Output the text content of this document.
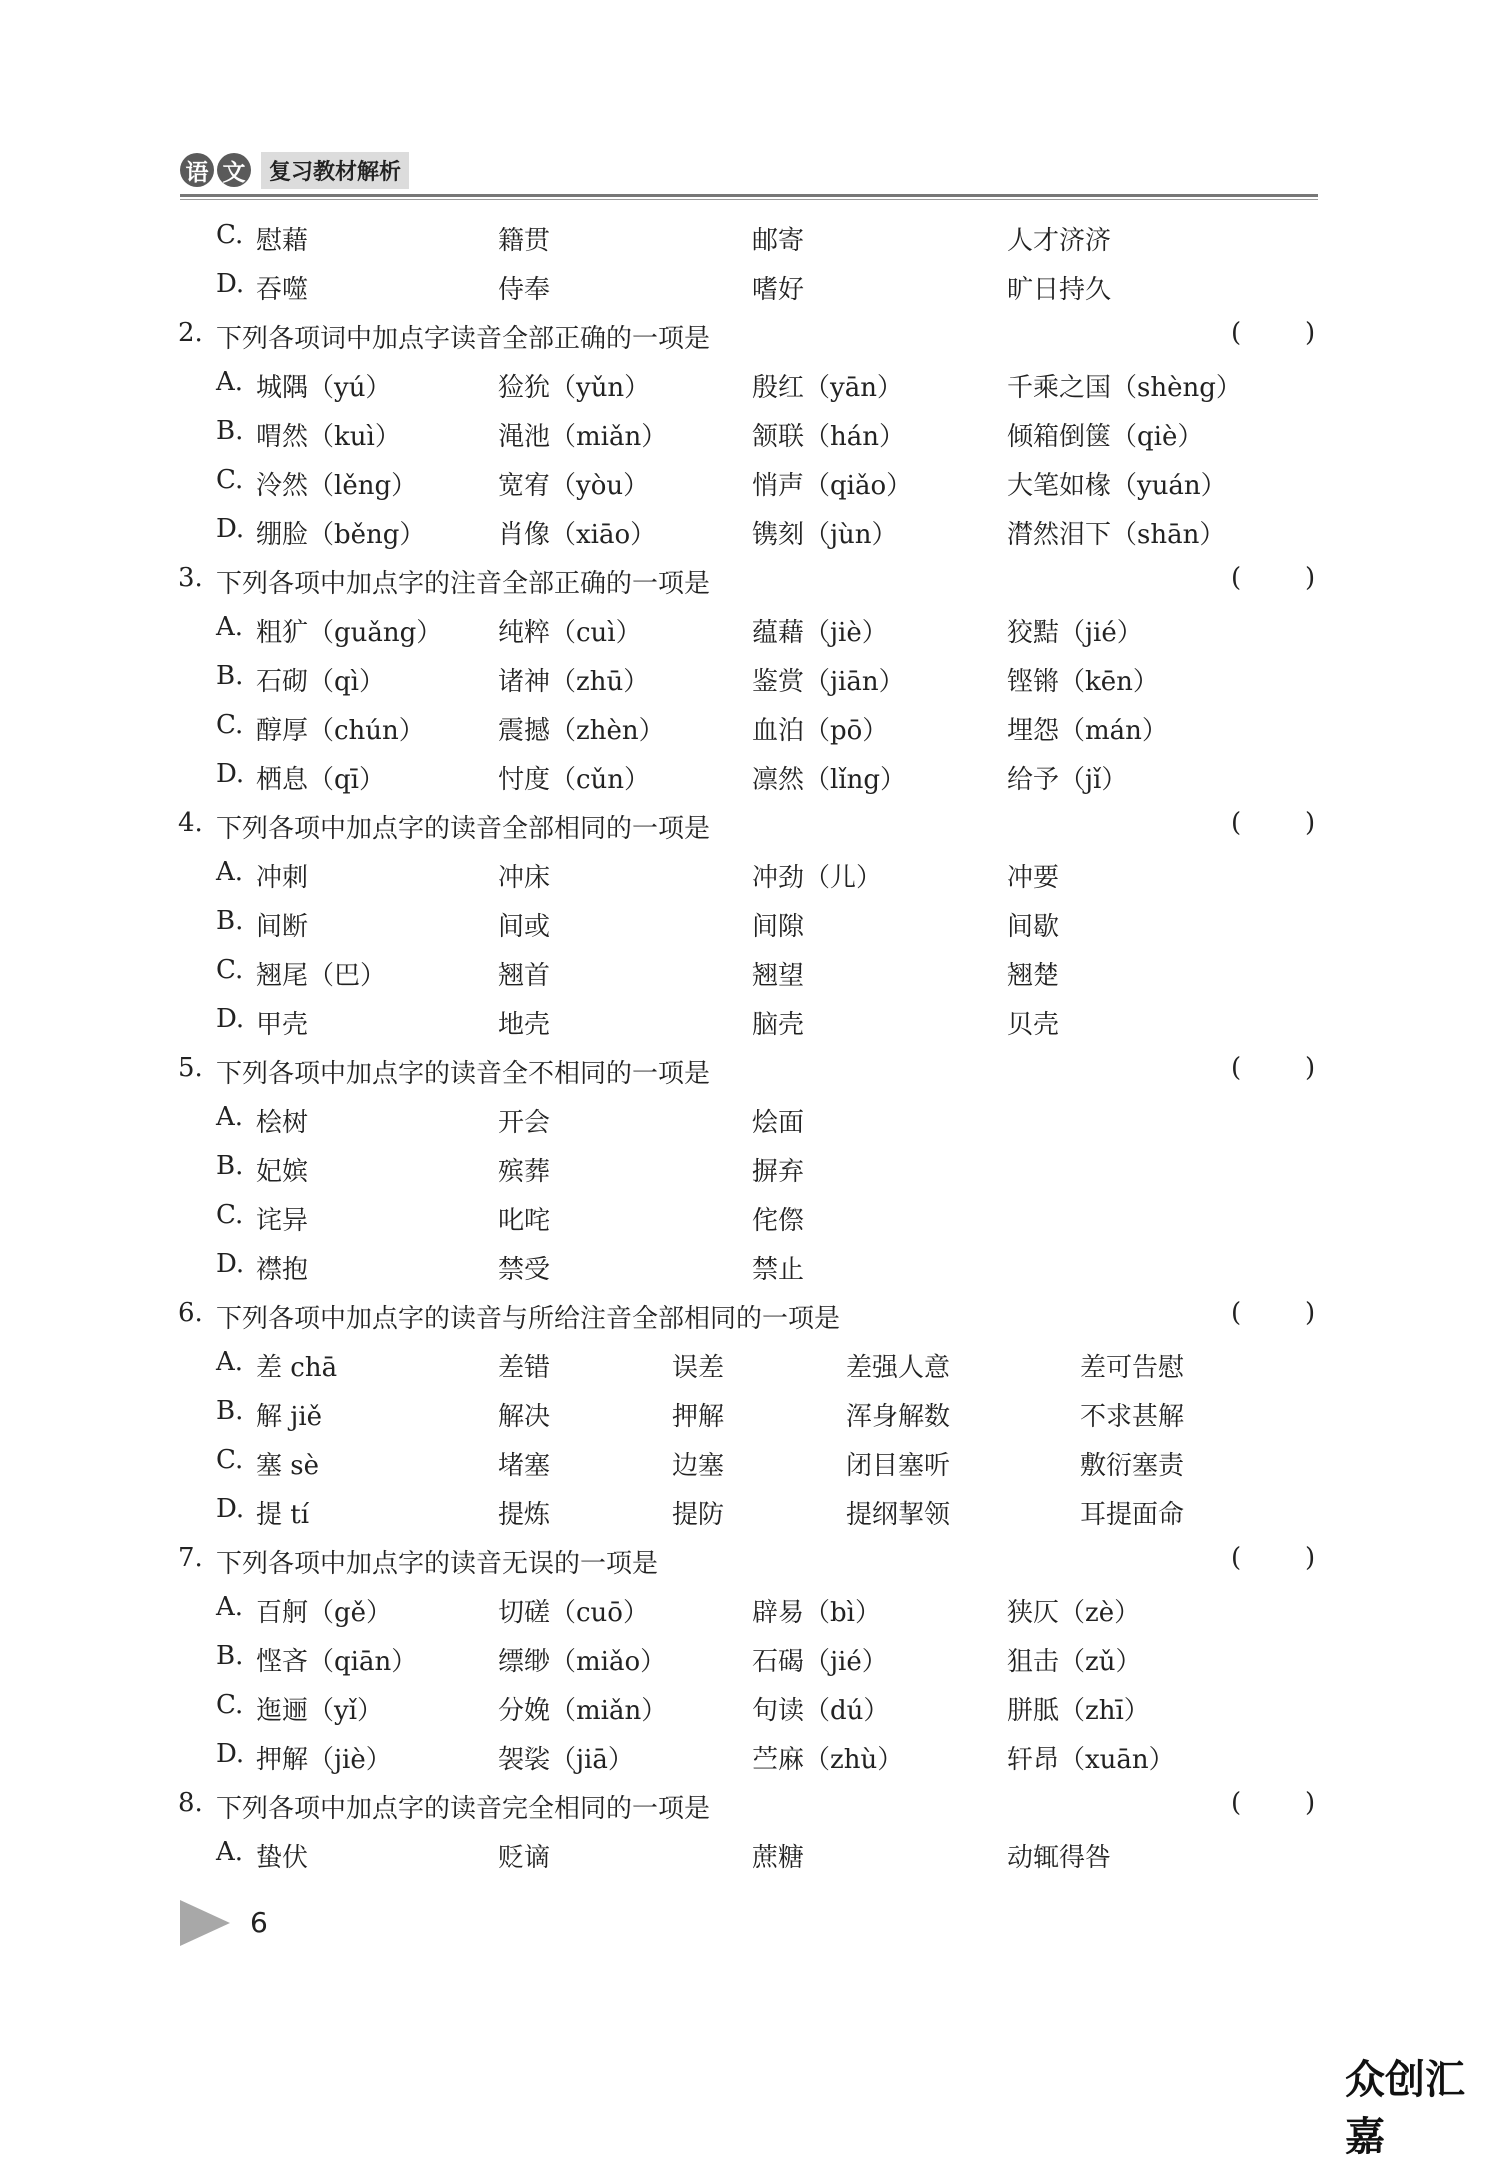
语 文	复习教材解析
C. 慰藉	籍贯	邮寄	人才济济
D. 吞噬	侍奉	嗜好	旷日持久
2. 下列各项词中加点字读音全部正确的一项是	( )
A. 城隅（yú）	猃狁（yǔn）	殷红（yān）	千乘之国（shèng）
B. 喟然（kuì）	渑池（miǎn）	颔联（hán）	倾箱倒箧（qiè）
C. 泠然（lěng）	宽宥（yòu）	悄声（qiǎo）	大笔如椽（yuán）
D. 绷脸（běng）	肖像（xiāo）	镌刻（jùn）	潸然泪下（shān）
3. 下列各项中加点字的注音全部正确的一项是	( )
A. 粗犷（guǎng） 纯粹（cuì）	蕴藉（jiè）	狡黠（jié）
B. 石砌（qì）	诸神（zhū）	鉴赏（jiān）	铿锵（kēn）
C. 醇厚（chún）	震撼（zhèn）	血泊（pō）	埋怨（mán）
D. 栖息（qī）	忖度（cǔn）	凛然（lǐng）	给予（jǐ）
4. 下列各项中加点字的读音全部相同的一项是	( )
A. 冲刺	冲床	冲劲（儿）	冲要
B. 间断	间或	间隙	间歇
C. 翘尾（巴）	翘首	翘望	翘楚
D. 甲壳	地壳	脑壳	贝壳
5. 下列各项中加点字的读音全不相同的一项是	( )
A. 桧树	开会	烩面
B. 妃嫔	殡葬	摒弃
C. 诧异	叱咤	侘傺
D. 襟抱	禁受	禁止
6. 下列各项中加点字的读音与所给注音全部相同的一项是	( )
A. 差 chā	差错	误差	差强人意	差可告慰
B. 解 jiě	解决	押解	浑身解数	不求甚解
C. 塞 sè	堵塞	边塞	闭目塞听	敷衍塞责
D. 提 tí	提炼	提防	提纲挈领	耳提面命
7. 下列各项中加点字的读音无误的一项是	( )
A. 百舸（gě）	切磋（cuō）	辟易（bì）	狭仄（zè）
B. 悭吝（qiān）	缥缈（miǎo）	石碣（jié）	狙击（zǔ）
C. 迤逦（yǐ）	分娩（miǎn）	句读（dú）	胼胝（zhī）
D. 押解（jiè）	袈裟（jiā）	苎麻（zhù）	轩昂（xuān）
8. 下列各项中加点字的读音完全相同的一项是	( )
A. 蛰伏	贬谪	蔗糖	动辄得咎
6
众创汇嘉
